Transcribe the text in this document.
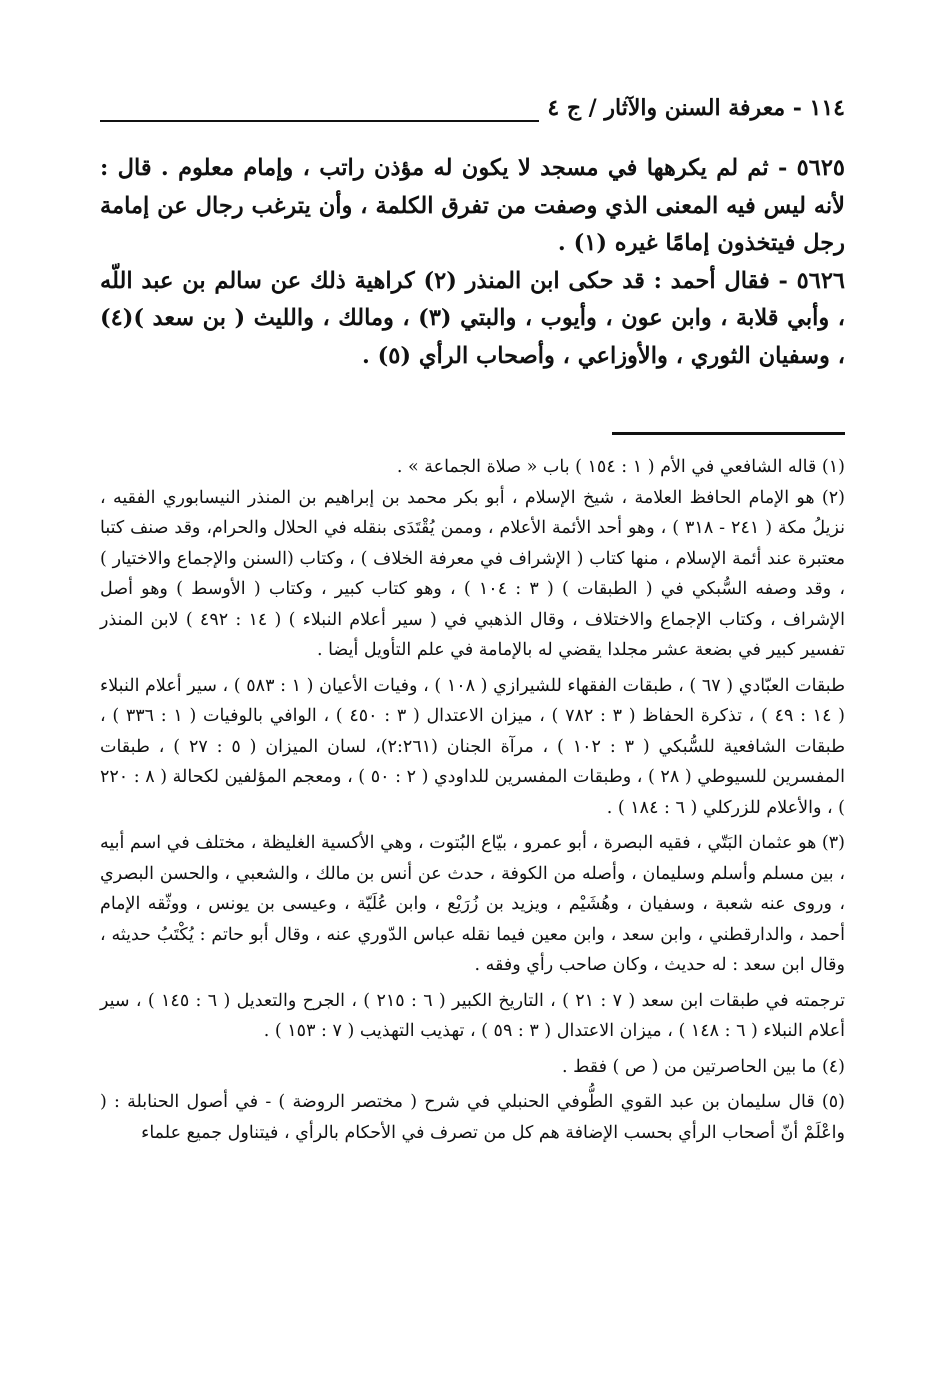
١١٤ - معرفة السنن والآثار / ج ٤

٥٦٢٥ - ثم لم يكرهها في مسجد لا يكون له مؤذن راتب ، وإمام معلوم . قال : لأنه ليس فيه المعنى الذي وصفت من تفرق الكلمة ، وأن يترغب رجال عن إمامة رجل فيتخذون إمامًا غيره (١) .

٥٦٢٦ - فقال أحمد : قد حكى ابن المنذر (٢) كراهية ذلك عن سالم بن عبد اللّه ، وأبي قلابة ، وابن عون ، وأيوب ، والبتي (٣) ، ومالك ، والليث ( بن سعد )(٤) ، وسفيان الثوري ، والأوزاعي ، وأصحاب الرأي (٥) .

(١) قاله الشافعي في الأم ( ١ : ١٥٤ ) باب « صلاة الجماعة » .

(٢) هو الإمام الحافظ العلامة ، شيخ الإسلام ، أبو بكر محمد بن إبراهيم بن المنذر النيسابوري الفقيه ، نزيلُ مكة ( ٢٤١ - ٣١٨ ) ، وهو أحد الأئمة الأعلام ، وممن يُقْتَدَى بنقله في الحلال والحرام، وقد صنف كتبا معتبرة عند أئمة الإسلام ، منها كتاب ( الإشراف في معرفة الخلاف ) ، وكتاب (السنن والإجماع والاختيار ) ، وقد وصفه السُّبكي في ( الطبقات ) ( ٣ : ١٠٤ ) ، وهو كتاب كبير ، وكتاب ( الأوسط ) وهو أصل الإشراف ، وكتاب الإجماع والاختلاف ، وقال الذهبي في ( سير أعلام النبلاء ) ( ١٤ : ٤٩٢ ) لابن المنذر تفسير كبير في بضعة عشر مجلدا يقضي له بالإمامة في علم التأويل أيضا .

طبقات العبّادي ( ٦٧ ) ، طبقات الفقهاء للشيرازي ( ١٠٨ ) ، وفيات الأعيان ( ١ : ٥٨٣ ) ، سير أعلام النبلاء ( ١٤ : ٤٩ ) ، تذكرة الحفاظ ( ٣ : ٧٨٢ ) ، ميزان الاعتدال ( ٣ : ٤٥٠ ) ، الوافي بالوفيات ( ١ : ٣٣٦ ) ، طبقات الشافعية للسُّبكي ( ٣ : ١٠٢ ) ، مرآة الجنان (٢:٢٦١)، لسان الميزان ( ٥ : ٢٧ ) ، طبقات المفسرين للسيوطي ( ٢٨ ) ، وطبقات المفسرين للداودي ( ٢ : ٥٠ ) ، ومعجم المؤلفين لكحالة ( ٨ : ٢٢٠ ) ، والأعلام للزركلي ( ٦ : ١٨٤ ) .

(٣) هو عثمان البَتّي ، فقيه البصرة ، أبو عمرو ، بيّاع البُتوت ، وهي الأكسية الغليظة ، مختلف في اسم أبيه ، بين مسلم وأسلم وسليمان ، وأصله من الكوفة ، حدث عن أنس بن مالك ، والشعبي ، والحسن البصري ، وروى عنه شعبة ، وسفيان ، وهُشَيْم ، ويزيد بن زُرَيْع ، وابن عُلَيّة ، وعيسى بن يونس ، ووثّقه الإمام أحمد ، والدارقطني ، وابن سعد ، وابن معين فيما نقله عباس الدّوري عنه ، وقال أبو حاتم : يُكْتَبُ حديثه ، وقال ابن سعد : له حديث ، وكان صاحب رأي وفقه .

ترجمته في طبقات ابن سعد ( ٧ : ٢١ ) ، التاريخ الكبير ( ٦ : ٢١٥ ) ، الجرح والتعديل ( ٦ : ١٤٥ ) ، سير أعلام النبلاء ( ٦ : ١٤٨ ) ، ميزان الاعتدال ( ٣ : ٥٩ ) ، تهذيب التهذيب ( ٧ : ١٥٣ ) .

(٤) ما بين الحاصرتين من ( ص ) فقط .

(٥) قال سليمان بن عبد القوي الطُّوفي الحنبلي في شرح ( مختصر الروضة ) - في أصول الحنابلة : ( واعْلَمْ أنّ أصحاب الرأي بحسب الإضافة هم كل من تصرف في الأحكام بالرأي ، فيتناول جميع علماء
